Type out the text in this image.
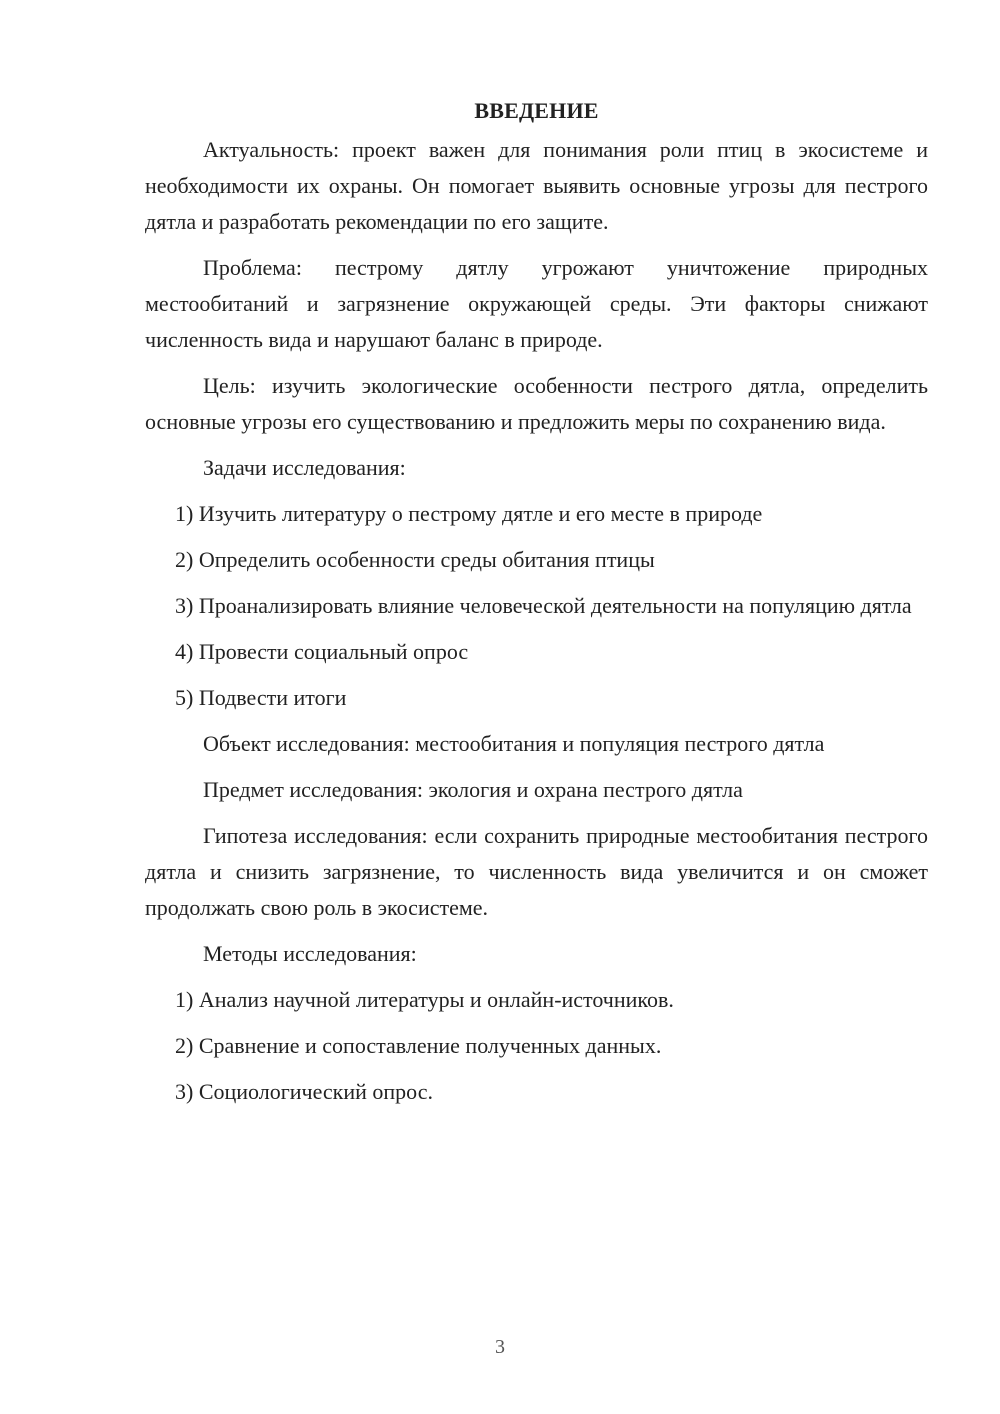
ВВЕДЕНИЕ

Актуальность: проект важен для понимания роли птиц в экосистеме и необходимости их охраны. Он помогает выявить основные угрозы для пестрого дятла и разработать рекомендации по его защите.

Проблема: пестрому дятлу угрожают уничтожение природных местообитаний и загрязнение окружающей среды. Эти факторы снижают численность вида и нарушают баланс в природе.

Цель: изучить экологические особенности пестрого дятла, определить основные угрозы его существованию и предложить меры по сохранению вида.

Задачи исследования:

1) Изучить литературу о пестрому дятле и его месте в природе

2) Определить особенности среды обитания птицы

3) Проанализировать влияние человеческой деятельности на популяцию дятла

4) Провести социальный опрос

5) Подвести итоги

Объект исследования: местообитания и популяция пестрого дятла

Предмет исследования: экология и охрана пестрого дятла

Гипотеза исследования: если сохранить природные местообитания пестрого дятла и снизить загрязнение, то численность вида увеличится и он сможет продолжать свою роль в экосистеме.

Методы исследования:

1) Анализ научной литературы и онлайн-источников.

2) Сравнение и сопоставление полученных данных.

3) Социологический опрос.

3
